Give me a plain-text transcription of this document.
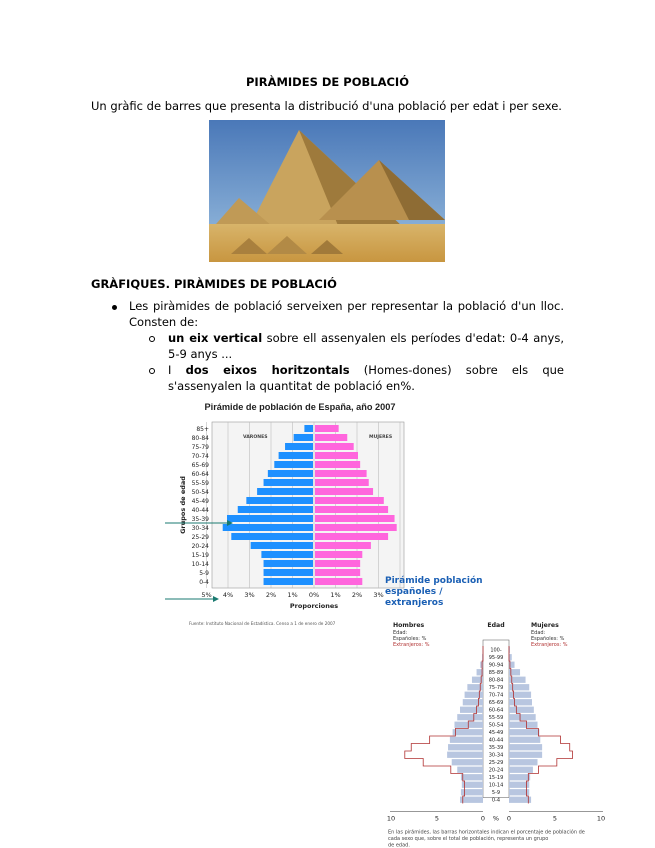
PIRÀMIDES DE POBLACIÓ
Un gràfic de barres que presenta la distribució d'una població per edat i per sexe.
GRÀFIQUES. PIRÀMIDES DE POBLACIÓ
Les piràmides de població serveixen per representar la població d'un lloc. Consten de:
un eix vertical sobre ell assenyalen els períodes d'edat: 0-4 anys, 5-9 anys ...
I dos eixos horitzontals (Homes-dones) sobre els que s'assenyalen la quantitat de població en%.
Pirámide de población de España, año 2007
VARONES	MUJERES
85+
80-84
75-79
70-74
65-69
60-64
55-59
50-54
45-49
40-44
35-39
30-34
25-29
20-24
15-19
10-14
5-9
0-4
5% 4% 3% 2% 1% 0% 1% 2% 3%
Proporciones
Grupos de edad
Fuente: Instituto Nacional de Estadística. Censo a 1 de enero de 2007
Pirámide población españoles / extranjeros
Hombres	Edad	Mujeres
Edad:
Españoles: %
Extranjeros: %
Edad:
Españoles: %
Extranjeros: %
100-
95-99
90-94
85-89
80-84
75-79
70-74
65-69
60-64
55-59
50-54
45-49
40-44
35-39
30-34
25-29
20-24
15-19
10-14
5-9
0-4
10	5	0 % 0	5	10
En las pirámides, las barras horizontales indican el porcentaje de población de cada sexo que, sobre el total de población, representa un grupo de edad.
